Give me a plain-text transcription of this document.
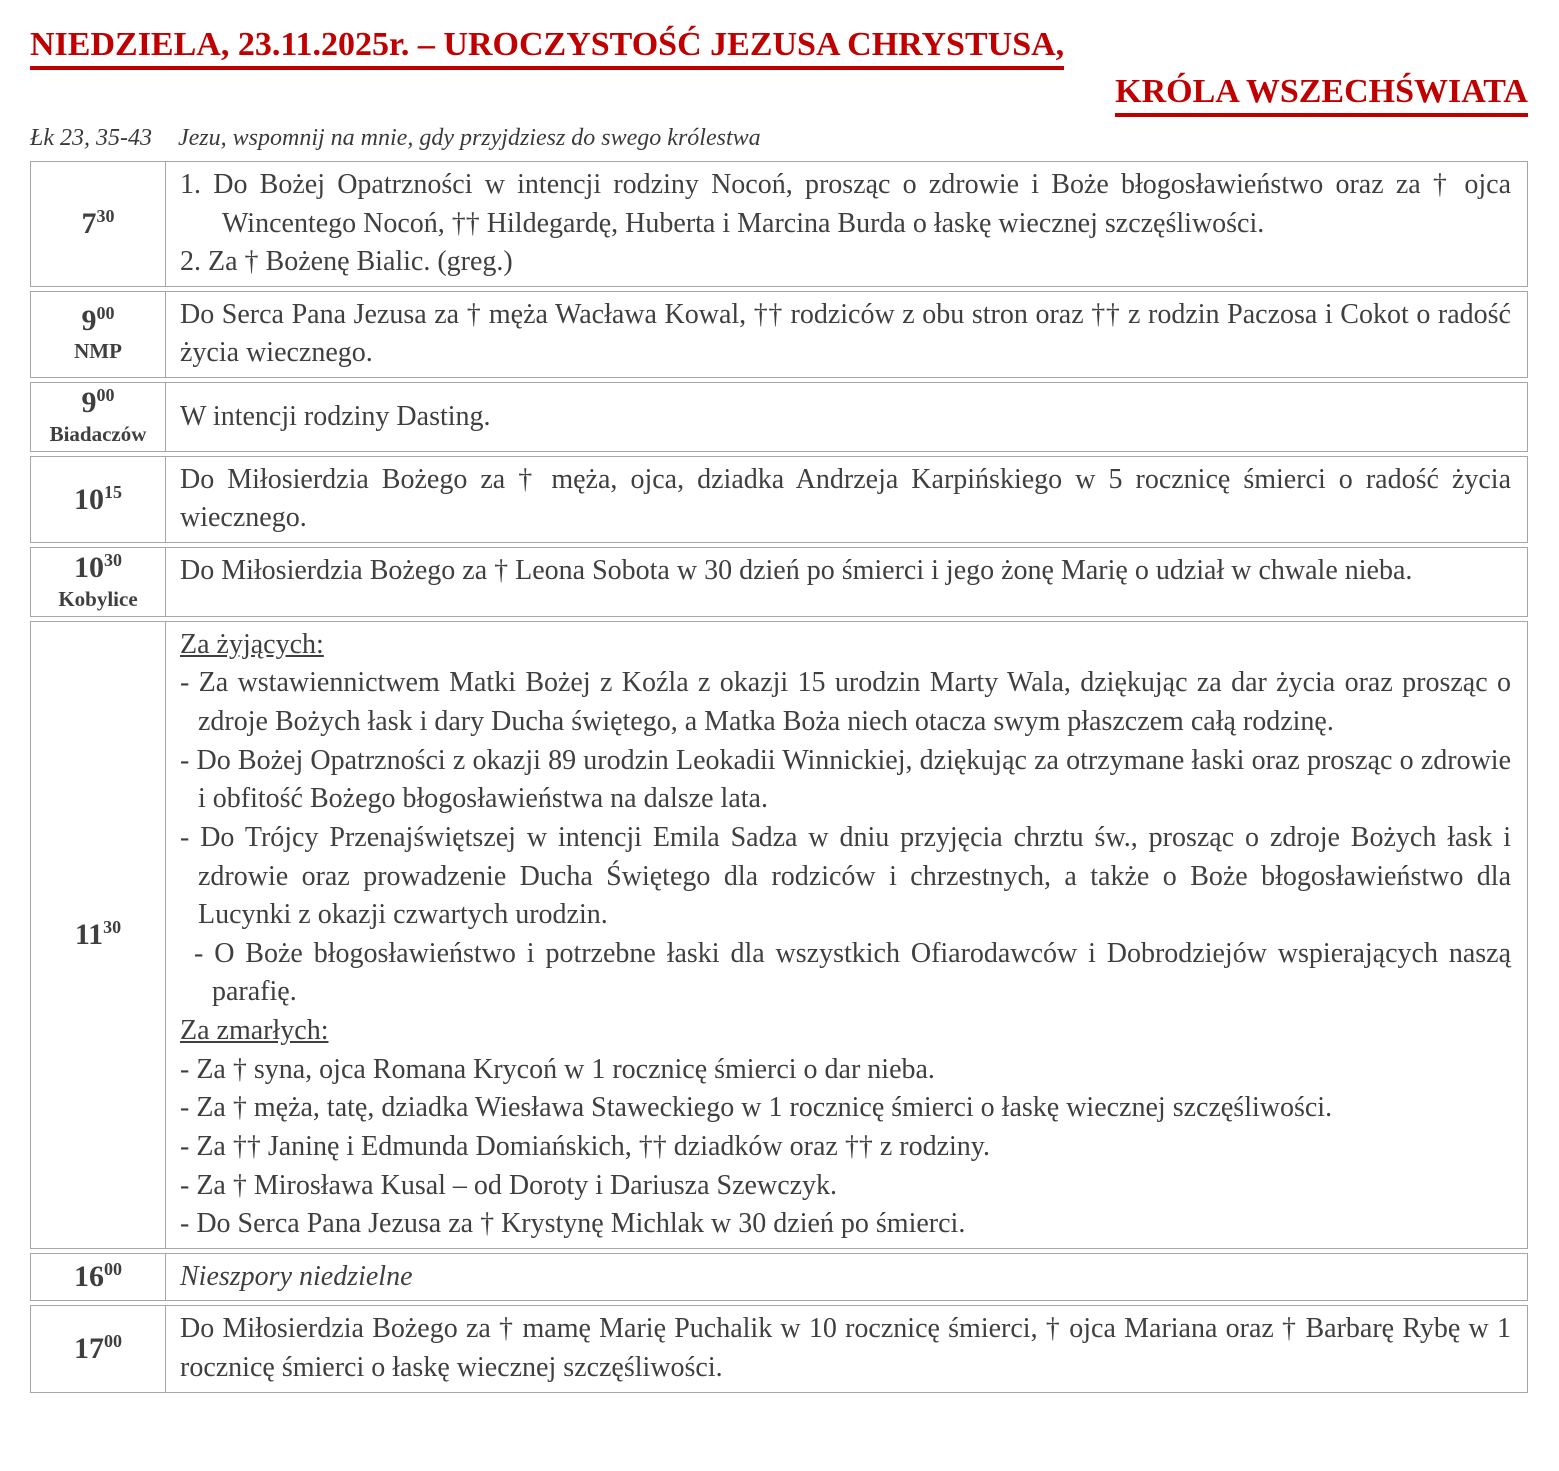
NIEDZIELA, 23.11.2025r. – UROCZYSTOŚĆ JEZUSA CHRYSTUSA,
KRÓLA WSZECHŚWIATA
Łk 23, 35-43 Jezu, wspomnij na mnie, gdy przyjdziesz do swego królestwa
$7^{30}$

1. Do Bożej Opatrzności w intencji rodziny Nocoń, prosząc o zdrowie i Boże błogosławieństwo oraz za † ojca Wincentego Nocoń, †† Hildegardę, Huberta i Marcina Burda o łaskę wiecznej szczęśliwości.

2. Za † Bożenę Bialic. (greg.)

$9^{00}$
NMP

Do Serca Pana Jezusa za † męża Wacława Kowal, †† rodziców z obu stron oraz †† z rodzin Paczosa i Cokot o radość życia wiecznego.

$9^{00}$
Biadaczów

W intencji rodziny Dasting.

$10^{15}$ Do Miłosierdzia Bożego za † męża, ojca, dziadka Andrzeja Karpińskiego w 5 rocznicę śmierci o radość życia wiecznego.

$10^{30}$
Kobylice

Do Miłosierdzia Bożego za † Leona Sobota w 30 dzień po śmierci i jego żonę Marię o udział w chwale nieba.

$11^{30}$

Za żyjących:

- Za wstawiennictwem Matki Bożej z Koźla z okazji 15 urodzin Marty Wala, dziękując za dar życia oraz prosząc o zdroje Bożych łask i dary Ducha świętego, a Matka Boża niech otacza swym płaszczem całą rodzinę.

- Do Bożej Opatrzności z okazji 89 urodzin Leokadii Winnickiej, dziękując za otrzymane łaski oraz prosząc o zdrowie i obfitość Bożego błogosławieństwa na dalsze lata.

- Do Trójcy Przenajświętszej w intencji Emila Sadza w dniu przyjęcia chrztu św., prosząc o zdroje Bożych łask i zdrowie oraz prowadzenie Ducha Świętego dla rodziców i chrzestnych, a także o Boże błogosławieństwo dla Lucynki z okazji czwartych urodzin.

- O Boże błogosławieństwo i potrzebne łaski dla wszystkich Ofiarodawców i Dobrodziejów wspierających naszą parafię.

Za zmarłych:

- Za † syna, ojca Romana Krycoń w 1 rocznicę śmierci o dar nieba.

- Za † męża, tatę, dziadka Wiesława Staweckiego w 1 rocznicę śmierci o łaskę wiecznej szczęśliwości.

- Za †† Janinę i Edmunda Domiańskich, †† dziadków oraz †† z rodziny.

- Za † Mirosława Kusal – od Doroty i Dariusza Szewczyk.

- Do Serca Pana Jezusa za † Krystynę Michlak w 30 dzień po śmierci.

$16^{00}$ Nieszpory niedzielne

$17^{00}$ Do Miłosierdzia Bożego za † mamę Marię Puchalik w 10 rocznicę śmierci, † ojca Mariana oraz † Barbarę Rybę w 1 rocznicę śmierci o łaskę wiecznej szczęśliwości.
